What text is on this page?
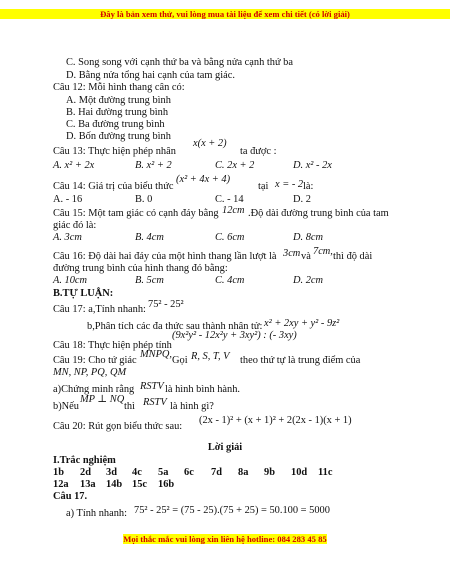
Đây là bản xem thử, vui lòng mua tài liệu để xem chi tiết (có lời giải)
C. Song song với cạnh thứ ba và bằng nửa cạnh thứ ba
D. Bằng nửa tổng hai cạnh của tam giác.
Câu 12: Mỗi hình thang cân có:
A. Một đường trung bình
B. Hai đường trung bình
C. Ba đường trung bình
D. Bốn đường trung bình
Câu 13: Thực hiện phép nhân
x(x + 2)
ta được :
A. x² + 2x	B. x² + 2	C. 2x + 2	D. x² - 2x
Câu 14: Giá trị của biểu thức
(x² + 4x + 4)
tại x = - 2 là:
A. - 16	B. 0	C. - 14	D. 2
Câu 15: Một tam giác có cạnh đáy bằng 12cm .Độ dài đường trung bình của tam
giác đó là:
A. 3cm	B. 4cm	C. 6cm	D. 8cm
Câu 16: Độ dài hai đáy của một hình thang lần lượt là 3cm và 7cm, thì độ dài
đường trung bình của hình thang đó bằng:
A. 10cm	B. 5cm	C. 4cm	D. 2cm
B.TỰ LUẬN:
Câu 17: a,Tính nhanh: 75² - 25²
b,Phân tích các đa thức sau thành nhân tử: x² + 2xy + y² - 9z²
(9x²y² - 12x²y + 3xy²) : (- 3xy)
Câu 18: Thực hiện phép tính
Câu 19: Cho tứ giác
MNPQ,
Gọi R, S, T, V theo thứ tự là trung điểm của
MN, NP, PQ, QM
a)Chứng minh rằng RSTV là hình bình hành.
b)Nếu
MP ⊥ NQ
thì RSTV là hình gì?
Câu 20: Rút gọn biểu thức sau:
(2x - 1)² + (x + 1)² + 2(2x - 1)(x + 1)
Lời giải
I.Trắc nghiệm
1b 2d 3d 4c 5a 6c 7d 8a 9b 10d 11c
12a 13a 14b 15c 16b
Câu 17.
a) Tính nhanh: 75² - 25² = (75 - 25).(75 + 25) = 50.100 = 5000
Mọi thắc mắc vui lòng xin liên hệ hotline: 084 283 45 85
